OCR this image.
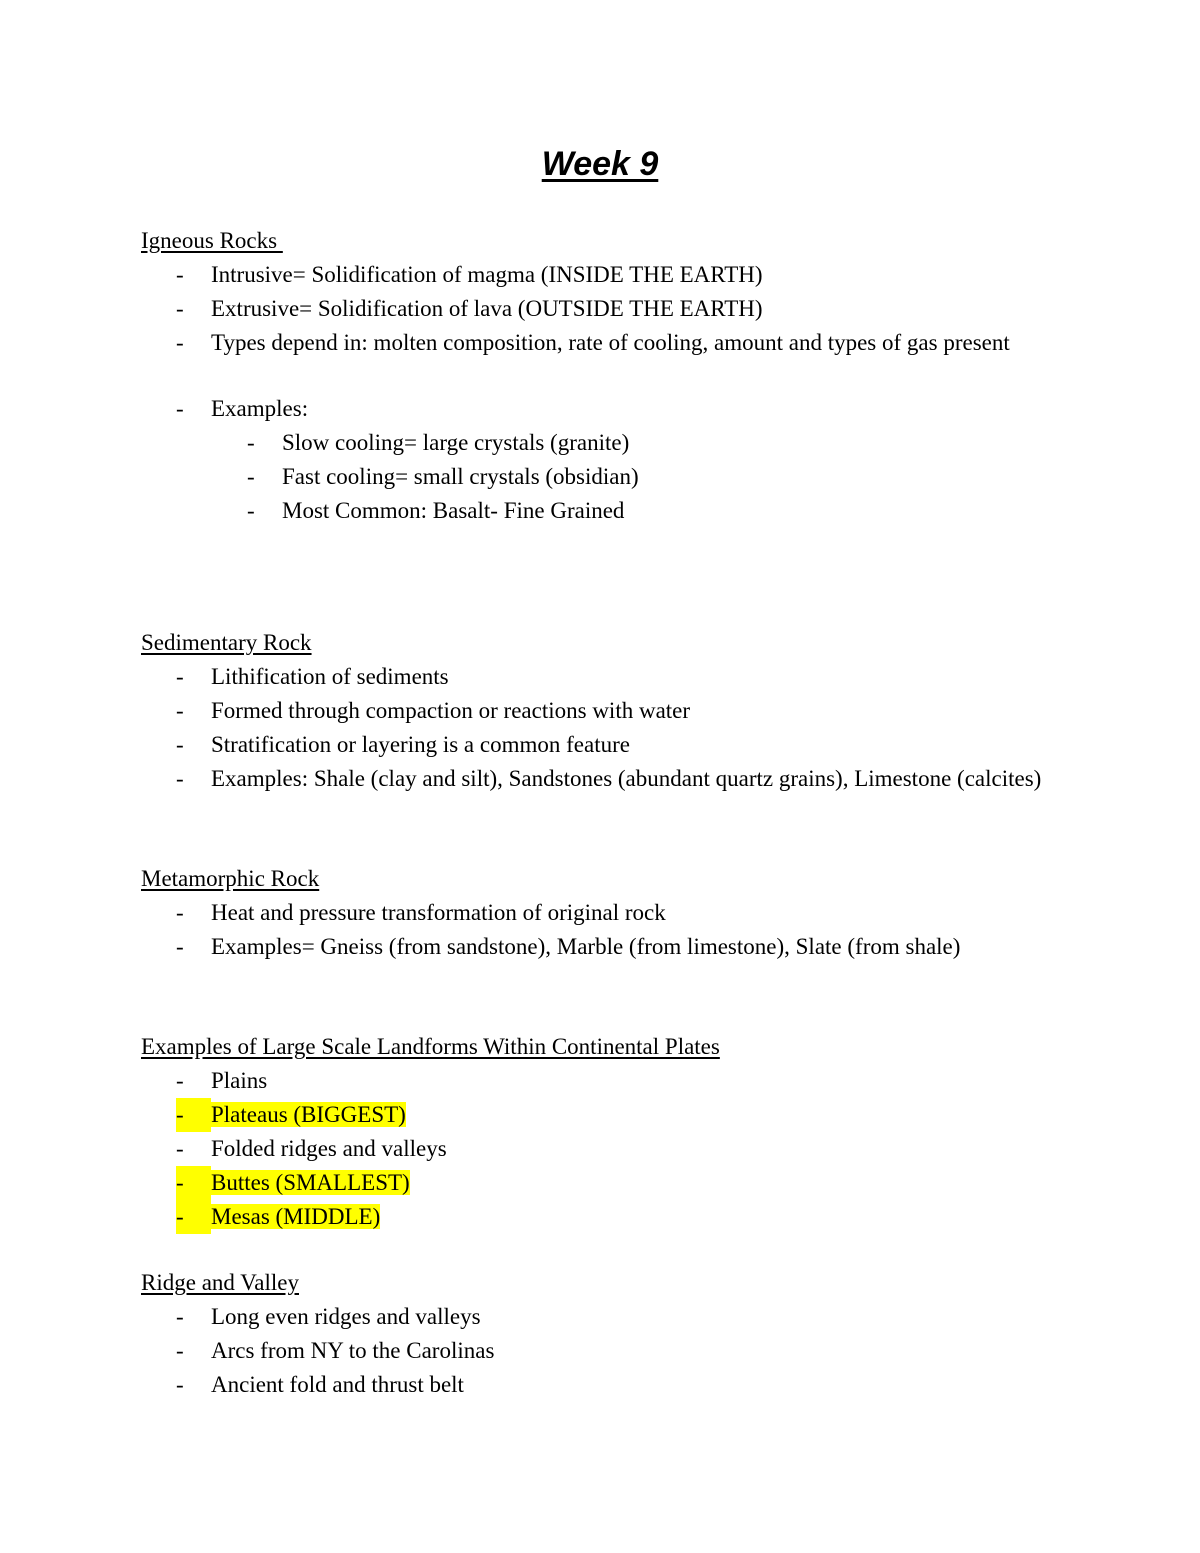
Week 9
Igneous Rocks
- Intrusive= Solidification of magma (INSIDE THE EARTH)
- Extrusive= Solidification of lava (OUTSIDE THE EARTH)
- Types depend in: molten composition, rate of cooling, amount and types of gas present
- Examples:
- Slow cooling= large crystals (granite)
- Fast cooling= small crystals (obsidian)
- Most Common: Basalt- Fine Grained
Sedimentary Rock
- Lithification of sediments
- Formed through compaction or reactions with water
- Stratification or layering is a common feature
- Examples: Shale (clay and silt), Sandstones (abundant quartz grains), Limestone (calcites)
Metamorphic Rock
- Heat and pressure transformation of original rock
- Examples= Gneiss (from sandstone), Marble (from limestone), Slate (from shale)
Examples of Large Scale Landforms Within Continental Plates
- Plains
-	Plateaus (BIGGEST)
- Folded ridges and valleys
-	Buttes (SMALLEST)
-	Mesas (MIDDLE)
Ridge and Valley
- Long even ridges and valleys
- Arcs from NY to the Carolinas
- Ancient fold and thrust belt
